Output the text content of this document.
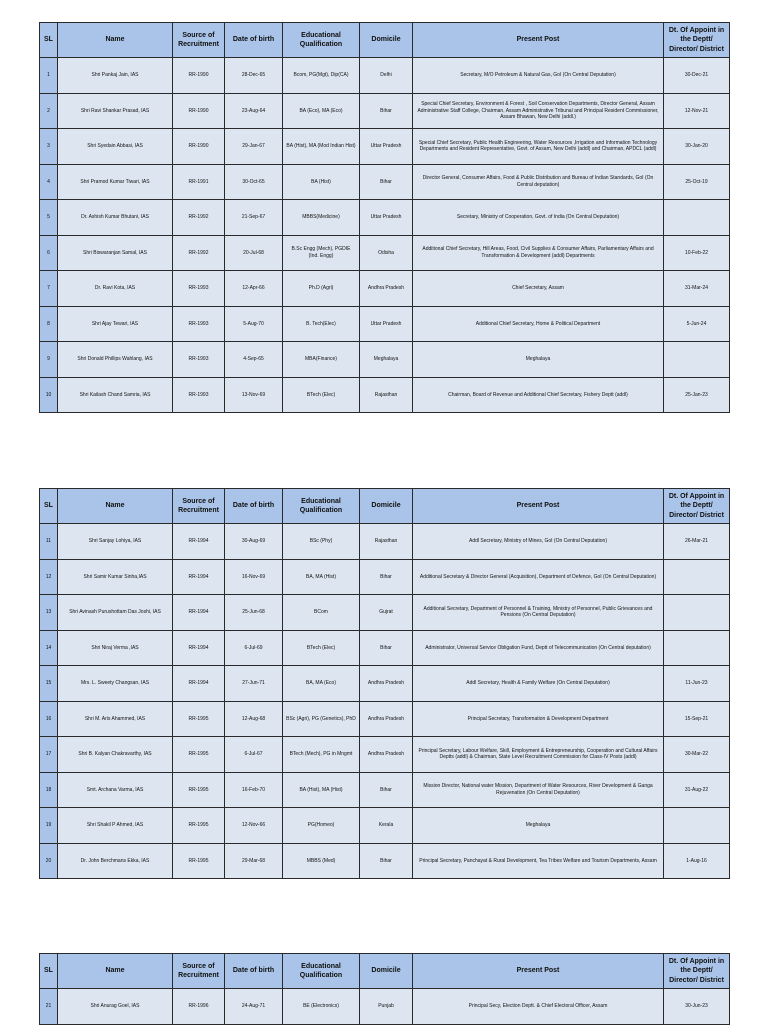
SL	Name	Source of Recruitment	Date of birth	Educational Qualification	Domicile	Present Post	Dt. Of Appoint in the Deptt/ Director/ District
1	Shri Pankaj Jain, IAS	RR-1990	28-Dec-65	Bcom, PG(Mgt), Dip(CA)	Delhi	Secretary, M/O Petroleum & Natural Gas, GoI (On Central Deputation)	30-Dec-21
2	Shri Ravi Shankar Prasad, IAS	RR-1990	23-Aug-64	BA (Eco), MA (Eco)	Bihar	Special Chief Secretary, Environment & Forest , Soil Conservation Departments, Director General, Assam Administrative Staff College, Chairman, Assam Administrative Tribunal and Principal Resident Commissioner, Assam Bhawan, New Delhi (addl.)	12-Nov-21
3	Shri Syedain Abbasi, IAS	RR-1990	29-Jan-67	BA (Hist), MA (Mod Indian Hist)	Uttar Pradesh	Special Chief Secretary, Public Health Engineering, Water Resources ,Irrigation and Information Technology Departments and Resident Representative, Govt. of Assam, New Delhi (addl) and Chairman, APDCL (addl)	30-Jan-20
4	Shri Pramod Kumar Tiwari, IAS	RR-1991	30-Oct-65	BA (Hist)	Bihar	Director General, Consumer Affairs, Food & Public Distribution and Bureau of Indian Standards, GoI (On Central deputation)	25-Oct-19
5	Dr. Ashish Kumar Bhutani, IAS	RR-1992	21-Sep-67	MBBS(Medicine)	Uttar Pradesh	Secretary, Ministry of Cooperation, Govt. of India (On Central Deputation)	
6	Shri Biswaranjan Samal, IAS	RR-1992	20-Jul-68	B.Sc Engg (Mech), PGDIE (Ind. Engg)	Odisha	Additional Chief Secretary, Hill Areas, Food, Civil Supplies & Consumer Affairs, Parliamentary Affairs and Transformation & Development (addl) Departments	10-Feb-22
7	Dr. Ravi Kota, IAS	RR-1993	12-Apr-66	Ph.D (Agri)	Andhra Pradesh	Chief Secretary, Assam	31-Mar-24
8	Shri Ajay Tewari, IAS	RR-1993	5-Aug-70	B. Tech(Elec)	Uttar Pradesh	Additional Chief Secretary, Home & Political Department	5-Jun-24
9	Shri Donald Phillips Wahlang, IAS	RR-1993	4-Sep-65	MBA(Finance)	Meghalaya	Meghalaya	
10	Shri Kailash Chand Samria, IAS	RR-1993	13-Nov-69	BTech (Elec)	Rajasthan	Chairman, Board of Revenue and Additional Chief Secretary, Fishery Deptt (addl)	25-Jan-23
SL	Name	Source of Recruitment	Date of birth	Educational Qualification	Domicile	Present Post	Dt. Of Appoint in the Deptt/ Director/ District
11	Shri Sanjay Lohiya, IAS	RR-1994	30-Aug-69	BSc (Phy)	Rajasthan	Addl Secretary, Ministry of Mines, GoI (On Central Deputation)	26-Mar-21
12	Shri Samir Kumar Sinha,IAS	RR-1994	16-Nov-69	BA, MA (Hist)	Bihar	Additional Secretary & Director General (Acquisition), Department of Defence, GoI (On Central Deputation)	
13	Shri Avinash Purushottam Das Joshi, IAS	RR-1994	25-Jun-68	BCom	Gujrat	Additional Secretary, Department of Personnel & Training, Ministry of Personnel, Public Grievances and Pensions (On Central Deputation)	
14	Shri Niraj Verma ,IAS	RR-1994	6-Jul-69	BTech (Elec)	Bihar	Administrator, Universal Service Obligation Fund, Deptt of Telecommunication (On Central deputation)	
15	Mrs. L. Sweety Changsan, IAS	RR-1994	27-Jun-71	BA, MA (Eco)	Andhra Pradesh	Addl Secretary, Health & Family Welfare (On Central Deputation)	11-Jun-23
16	Shri M. Aris Ahammed, IAS	RR-1995	12-Aug-68	BSc (Agri), PG (Genetics), PhD	Andhra Pradesh	Principal Secretary, Transformation & Development Department	15-Sep-21
17	Shri B. Kalyan Chakravarthy, IAS	RR-1995	6-Jul-67	BTech (Mech), PG in Mngmt	Andhra Pradesh	Principal Secretary, Labour Welfare, Skill, Employment & Entrepreneurship, Cooperation and Cultural Affairs Deptts (addl) & Chairman, State Level Recruitment Commission for Class-IV Posts (addl)	30-Mar-22
18	Smt. Archana Varma, IAS	RR-1995	16-Feb-70	BA (Hist), MA (Hist)	Bihar	Mission Director, National water Mission, Department of Water Resources, River Development & Ganga Rejuvenation (On Central Deputation)	31-Aug-22
19	Shri Shakil P Ahmed, IAS	RR-1995	12-Nov-66	PG(Homeo)	Kerala	Meghalaya	
20	Dr. John Berchmans Ekka, IAS	RR-1995	29-Mar-68	MBBS (Med)	Bihar	Principal Secretary, Panchayat & Rural Development, Tea Tribes Welfare and Tourism Departments, Assam	1-Aug-16
SL	Name	Source of Recruitment	Date of birth	Educational Qualification	Domicile	Present Post	Dt. Of Appoint in the Deptt/ Director/ District
21	Shri Anurag Goel, IAS	RR-1996	24-Aug-71	BE (Electronics)	Punjab	Principal Secy, Election Deptt. & Chief Electoral Officer, Assam	30-Jun-23
